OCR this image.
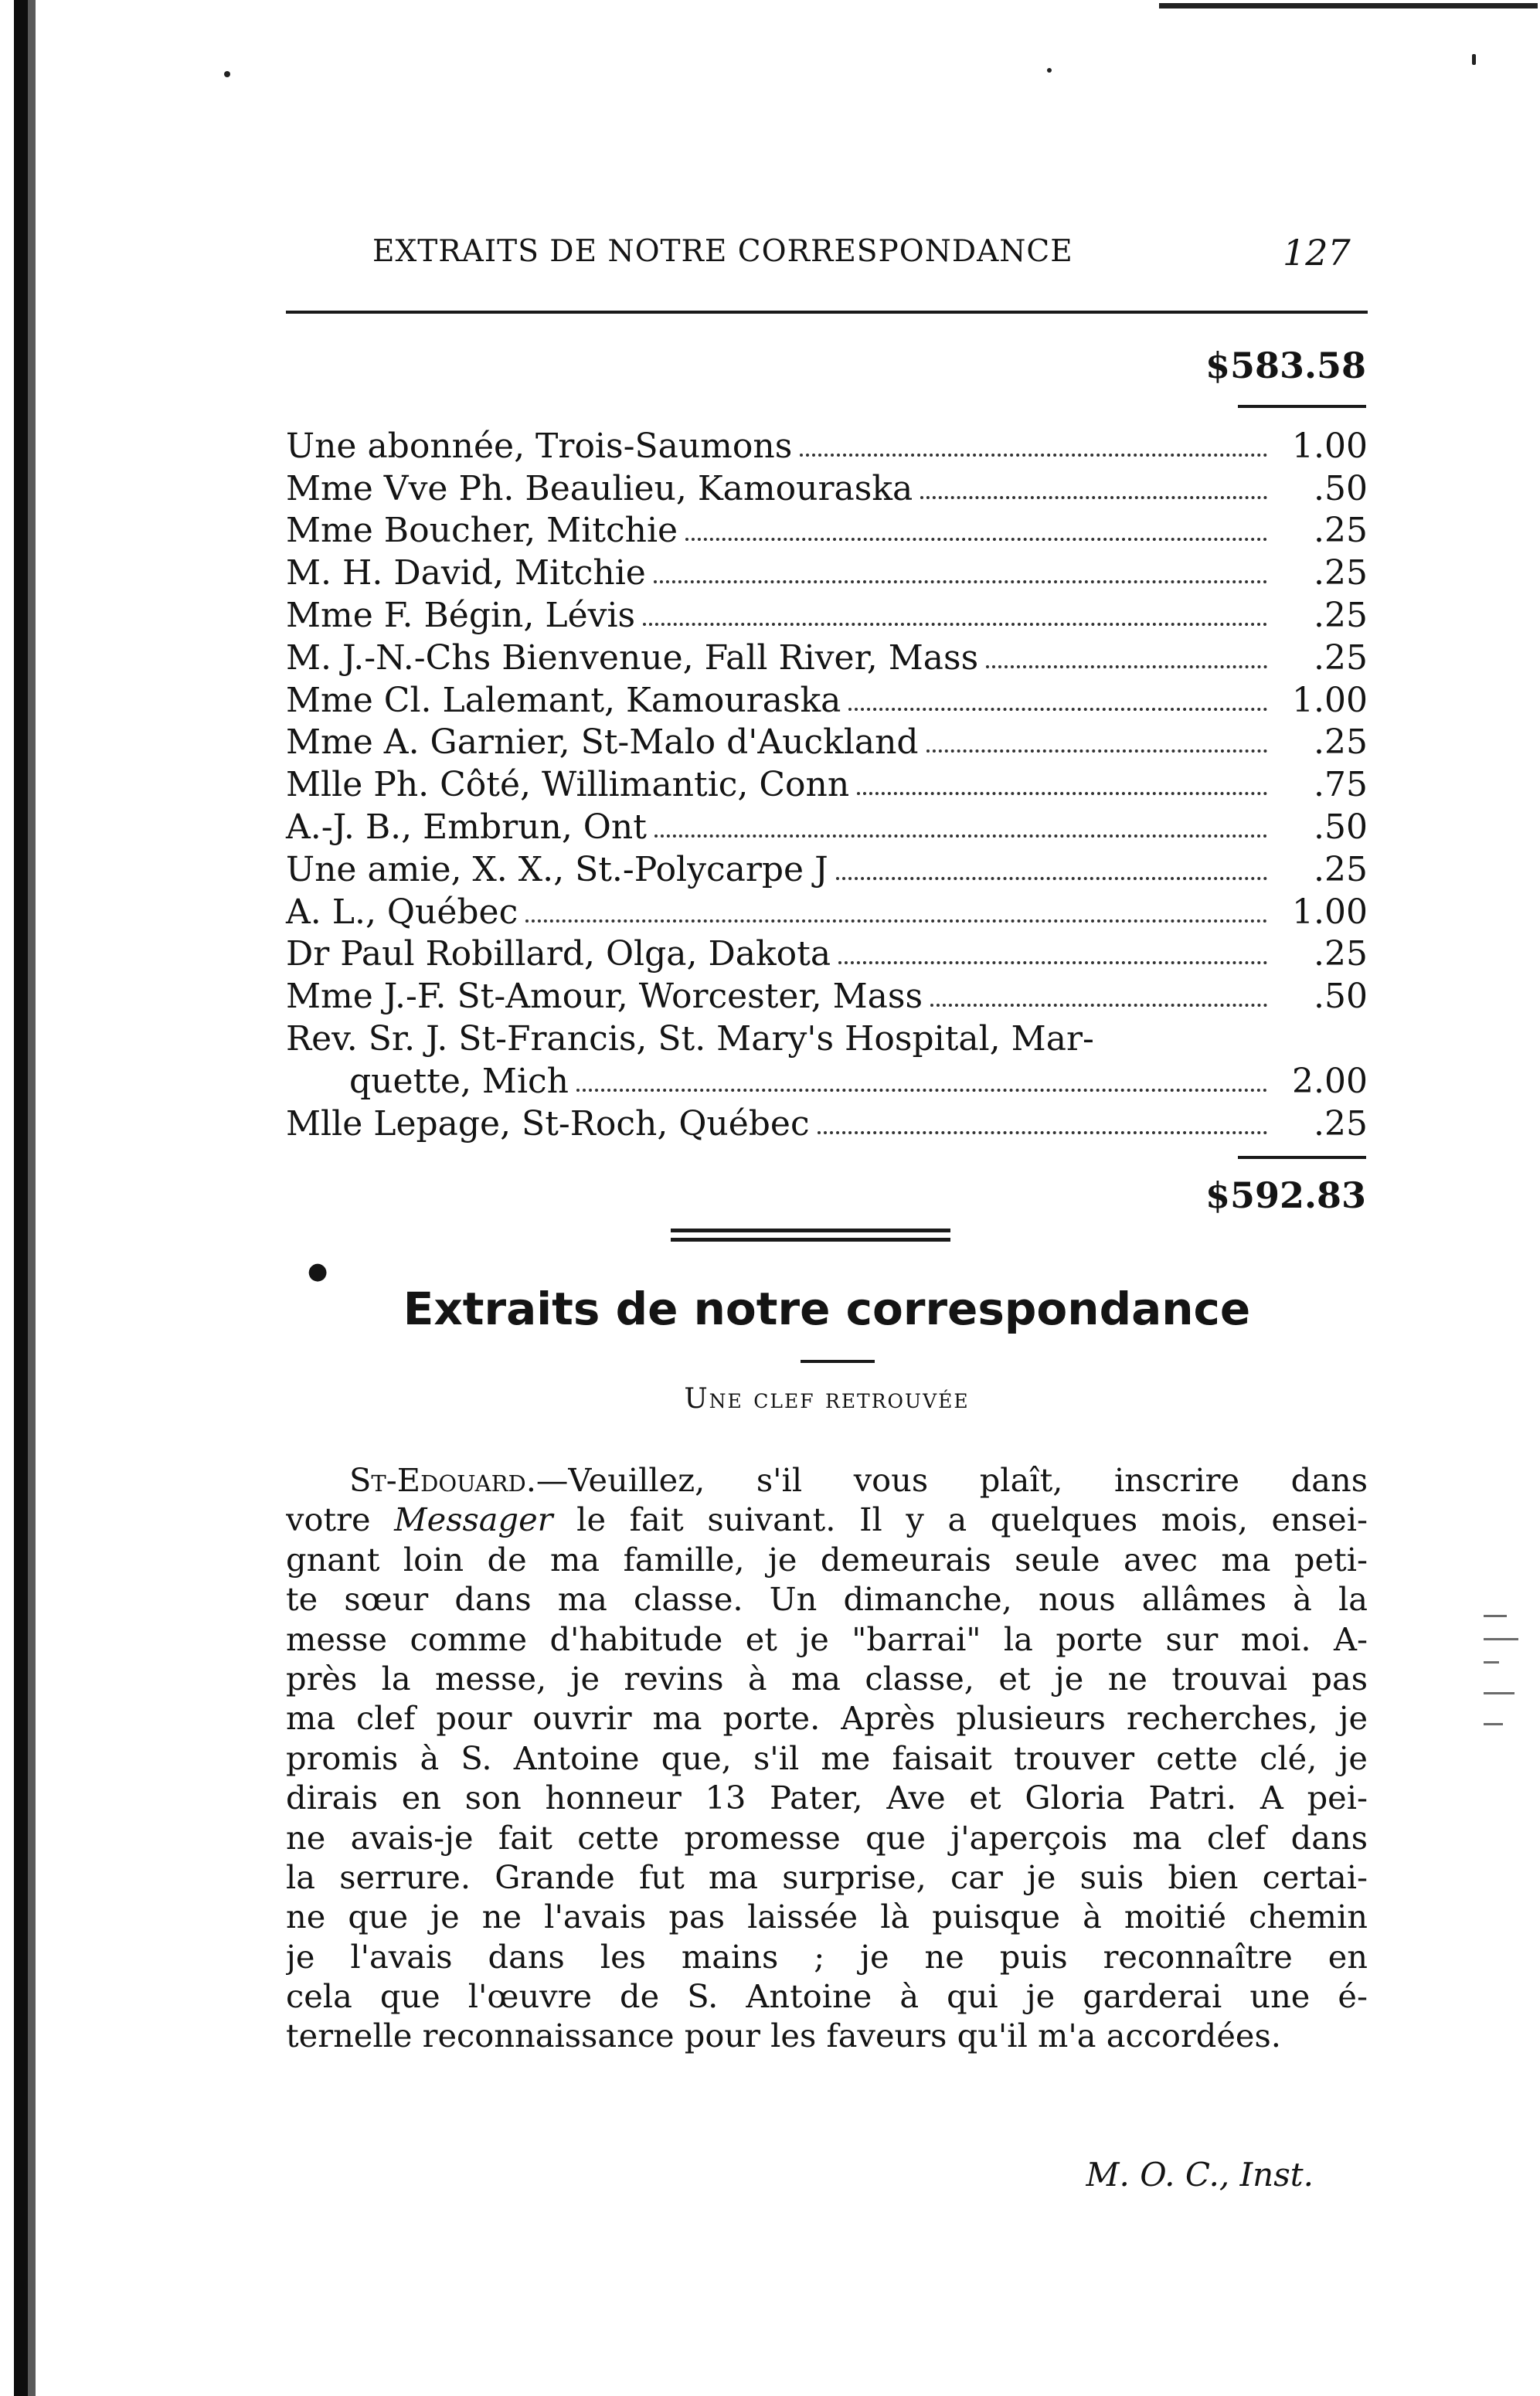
EXTRAITS DE NOTRE CORRESPONDANCE	127
$583.58
Une abonnée, Trois-Saumons	1.00
Mme Vve Ph. Beaulieu, Kamouraska	.50
Mme Boucher, Mitchie	.25
M. H. David, Mitchie	.25
Mme F. Bégin, Lévis	.25
M. J.-N.-Chs Bienvenue, Fall River, Mass	.25
Mme Cl. Lalemant, Kamouraska	1.00
Mme A. Garnier, St-Malo d'Auckland	.25
Mlle Ph. Côté, Willimantic, Conn	.75
A.-J. B., Embrun, Ont	.50
Une amie, X. X., St.-Polycarpe J	.25
A. L., Québec	1.00
Dr Paul Robillard, Olga, Dakota	.25
Mme J.-F. St-Amour, Worcester, Mass	.50
Rev. Sr. J. St-Francis, St. Mary's Hospital, Mar-
quette, Mich	2.00
Mlle Lepage, St-Roch, Québec	.25
$592.83
●
Extraits de notre correspondance
Une clef retrouvée
St-Edouard.—Veuillez, s'il vous plaît, inscrire dans
votre Messager le fait suivant. Il y a quelques mois, ensei-
gnant loin de ma famille, je demeurais seule avec ma peti-
te sœur dans ma classe. Un dimanche, nous allâmes à la
messe comme d'habitude et je "barrai" la porte sur moi. A-
près la messe, je revins à ma classe, et je ne trouvai pas
ma clef pour ouvrir ma porte. Après plusieurs recherches, je
promis à S. Antoine que, s'il me faisait trouver cette clé, je
dirais en son honneur 13 Pater, Ave et Gloria Patri. A pei-
ne avais-je fait cette promesse que j'aperçois ma clef dans
la serrure. Grande fut ma surprise, car je suis bien certai-
ne que je ne l'avais pas laissée là puisque à moitié chemin
je l'avais dans les mains ; je ne puis reconnaître en
cela que l'œuvre de S. Antoine à qui je garderai une é-
ternelle reconnaissance pour les faveurs qu'il m'a accordées.
M. O. C., Inst.
